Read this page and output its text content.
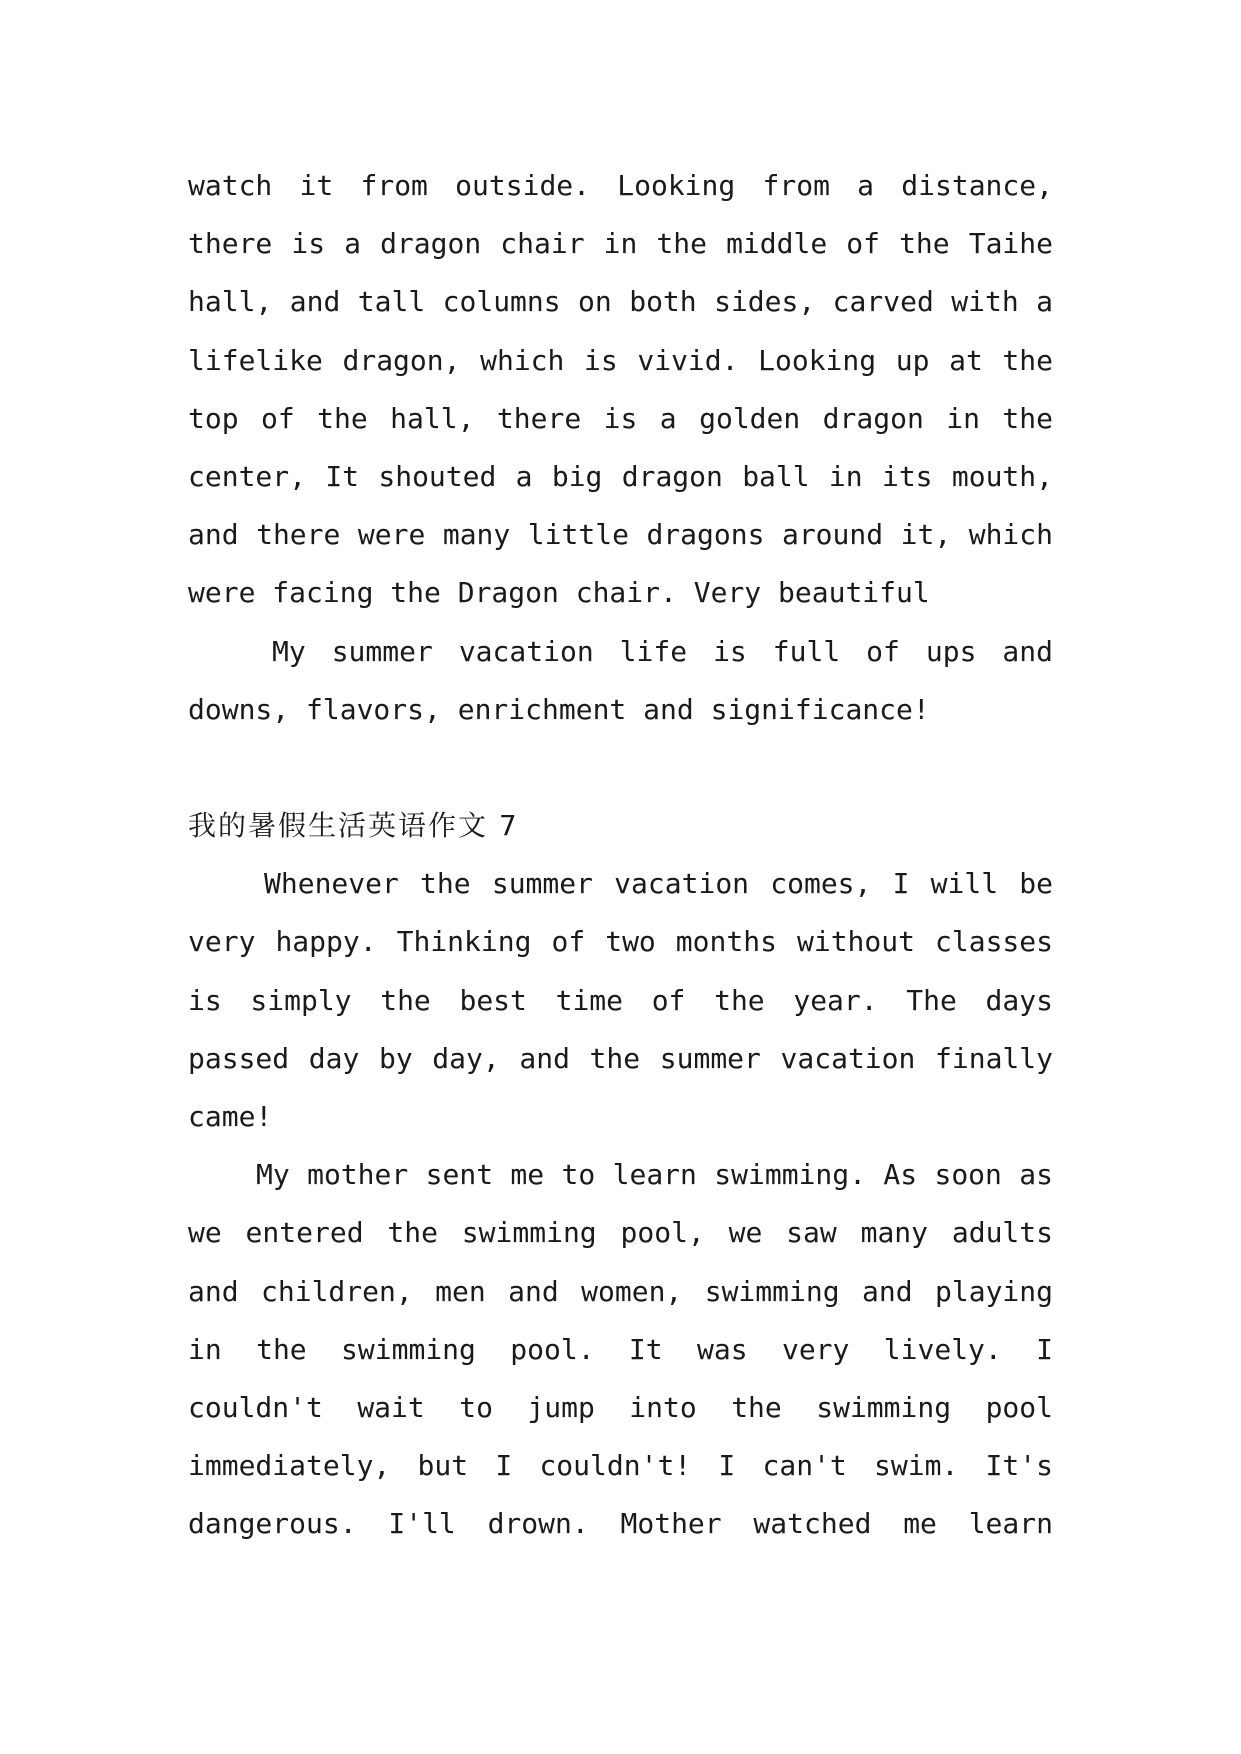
watch it from outside. Looking from a distance,
there is a dragon chair in the middle of the Taihe
hall, and tall columns on both sides, carved with a
lifelike dragon, which is vivid. Looking up at the
top of the hall, there is a golden dragon in the
center, It shouted a big dragon ball in its mouth,
and there were many little dragons around it, which
were facing the Dragon chair. Very beautiful
My summer vacation life is full of ups and
downs, flavors, enrichment and significance!
我的暑假生活英语作文 7
Whenever the summer vacation comes, I will be
very happy. Thinking of two months without classes
is simply the best time of the year. The days
passed day by day, and the summer vacation finally
came!
My mother sent me to learn swimming. As soon as
we entered the swimming pool, we saw many adults
and children, men and women, swimming and playing
in the swimming pool. It was very lively. I
couldn't wait to jump into the swimming pool
immediately, but I couldn't! I can't swim. It's
dangerous. I'll drown. Mother watched me learn
